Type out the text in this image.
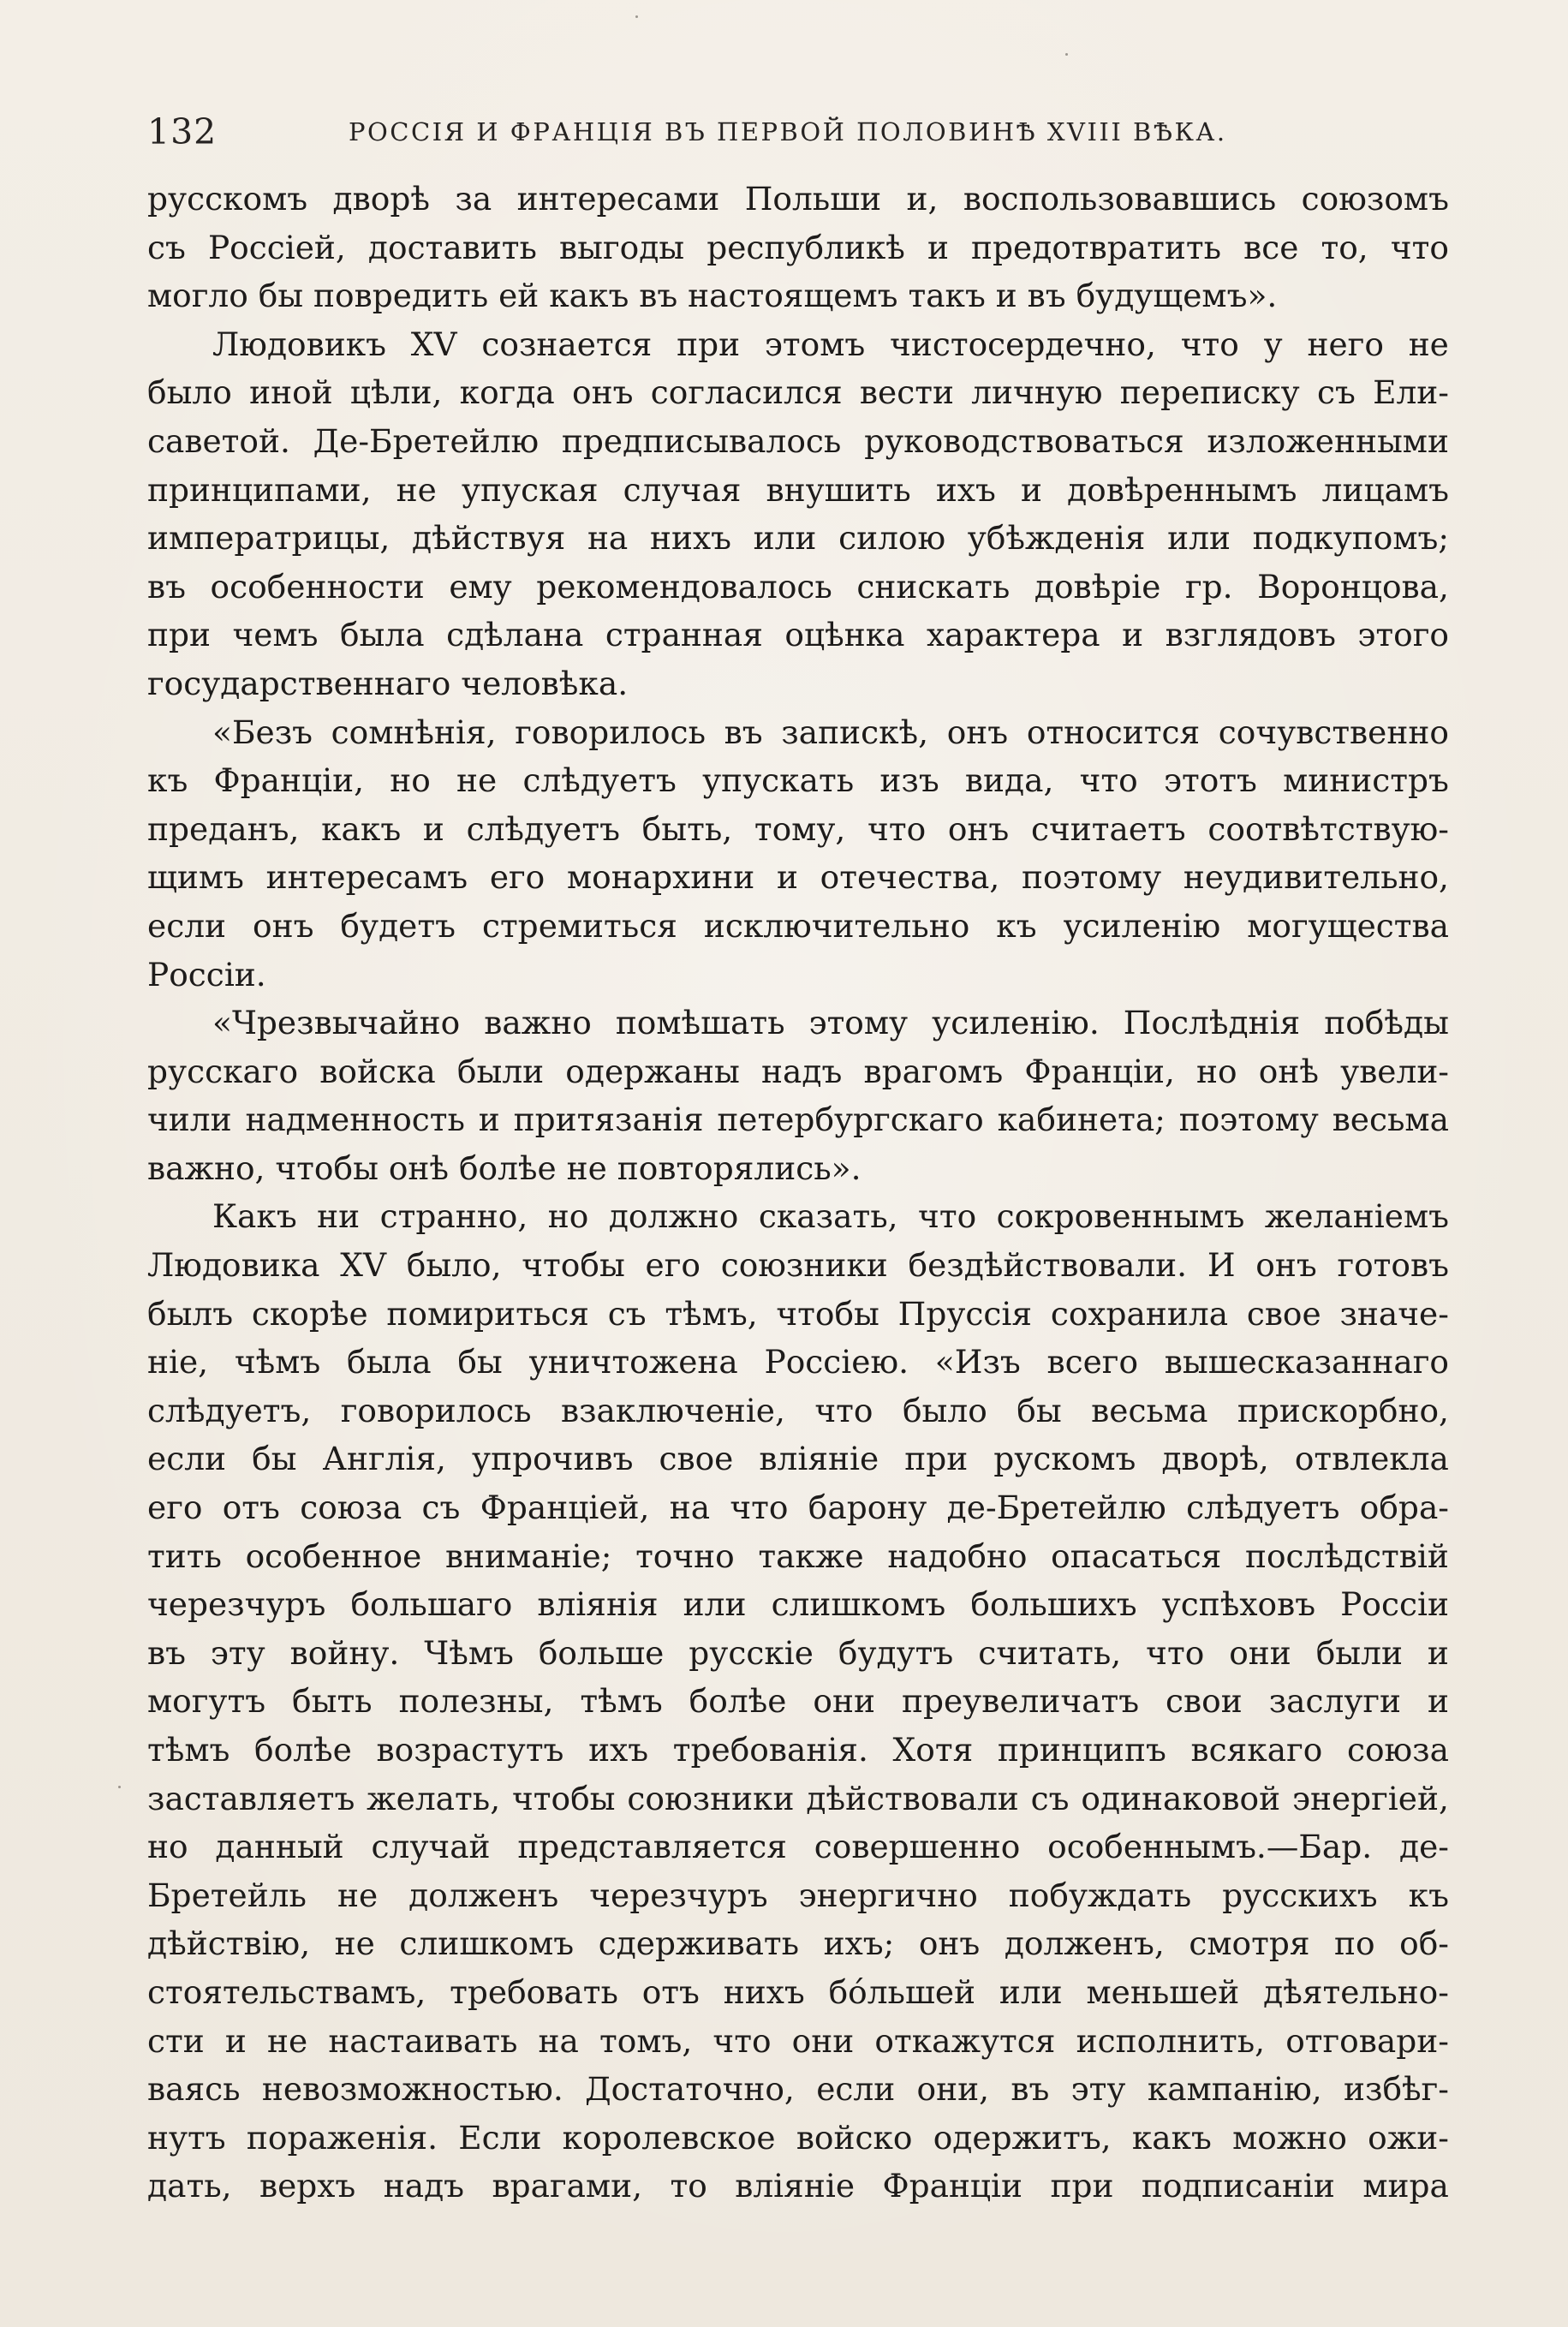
132	РОССІЯ И ФРАНЦІЯ ВЪ ПЕРВОЙ ПОЛОВИНѢ XVIII ВѢКА.
русскомъ дворѣ за интересами Польши и, воспользовавшись союзомъ
съ Россіей, доставить выгоды республикѣ и предотвратить все то, что
могло бы повредить ей какъ въ настоящемъ такъ и въ будущемъ».
Людовикъ XV сознается при этомъ чистосердечно, что у него не
было иной цѣли, когда онъ согласился вести личную переписку съ Ели-
саветой. Де-Бретейлю предписывалось руководствоваться изложенными
принципами, не упуская случая внушить ихъ и довѣреннымъ лицамъ
императрицы, дѣйствуя на нихъ или силою убѣжденія или подкупомъ;
въ особенности ему рекомендовалось снискать довѣріе гр. Воронцова,
при чемъ была сдѣлана странная оцѣнка характера и взглядовъ этого
государственнаго человѣка.
«Безъ сомнѣнія, говорилось въ запискѣ, онъ относится сочувственно
къ Франціи, но не слѣдуетъ упускать изъ вида, что этотъ министръ
преданъ, какъ и слѣдуетъ быть, тому, что онъ считаетъ соотвѣтствую-
щимъ интересамъ его монархини и отечества, поэтому неудивительно,
если онъ будетъ стремиться исключительно къ усиленію могущества
Россіи.
«Чрезвычайно важно помѣшать этому усиленію. Послѣднія побѣды
русскаго войска были одержаны надъ врагомъ Франціи, но онѣ увели-
чили надменность и притязанія петербургскаго кабинета; поэтому весьма
важно, чтобы онѣ болѣе не повторялись».
Какъ ни странно, но должно сказать, что сокровеннымъ желаніемъ
Людовика XV было, чтобы его союзники бездѣйствовали. И онъ готовъ
былъ скорѣе помириться съ тѣмъ, чтобы Пруссія сохранила свое значе-
ніе, чѣмъ была бы уничтожена Россіею. «Изъ всего вышесказаннаго
слѣдуетъ, говорилось взаключеніе, что было бы весьма прискорбно,
если бы Англія, упрочивъ свое вліяніе при рускомъ дворѣ, отвлекла
его отъ союза съ Франціей, на что барону де-Бретейлю слѣдуетъ обра-
тить особенное вниманіе; точно также надобно опасаться послѣдствій
черезчуръ большаго вліянія или слишкомъ большихъ успѣховъ Россіи
въ эту войну. Чѣмъ больше русскіе будутъ считать, что они были и
могутъ быть полезны, тѣмъ болѣе они преувеличатъ свои заслуги и
тѣмъ болѣе возрастутъ ихъ требованія. Хотя принципъ всякаго союза
заставляетъ желать, чтобы союзники дѣйствовали съ одинаковой энергіей,
но данный случай представляется совершенно особеннымъ.—Бар. де-
Бретейль не долженъ черезчуръ энергично побуждать русскихъ къ
дѣйствію, не слишкомъ сдерживать ихъ; онъ долженъ, смотря по об-
стоятельствамъ, требовать отъ нихъ бóльшей или меньшей дѣятельно-
сти и не настаивать на томъ, что они откажутся исполнить, отговари-
ваясь невозможностью. Достаточно, если они, въ эту кампанію, избѣг-
нутъ пораженія. Если королевское войско одержитъ, какъ можно ожи-
дать, верхъ надъ врагами, то вліяніе Франціи при подписаніи мира
